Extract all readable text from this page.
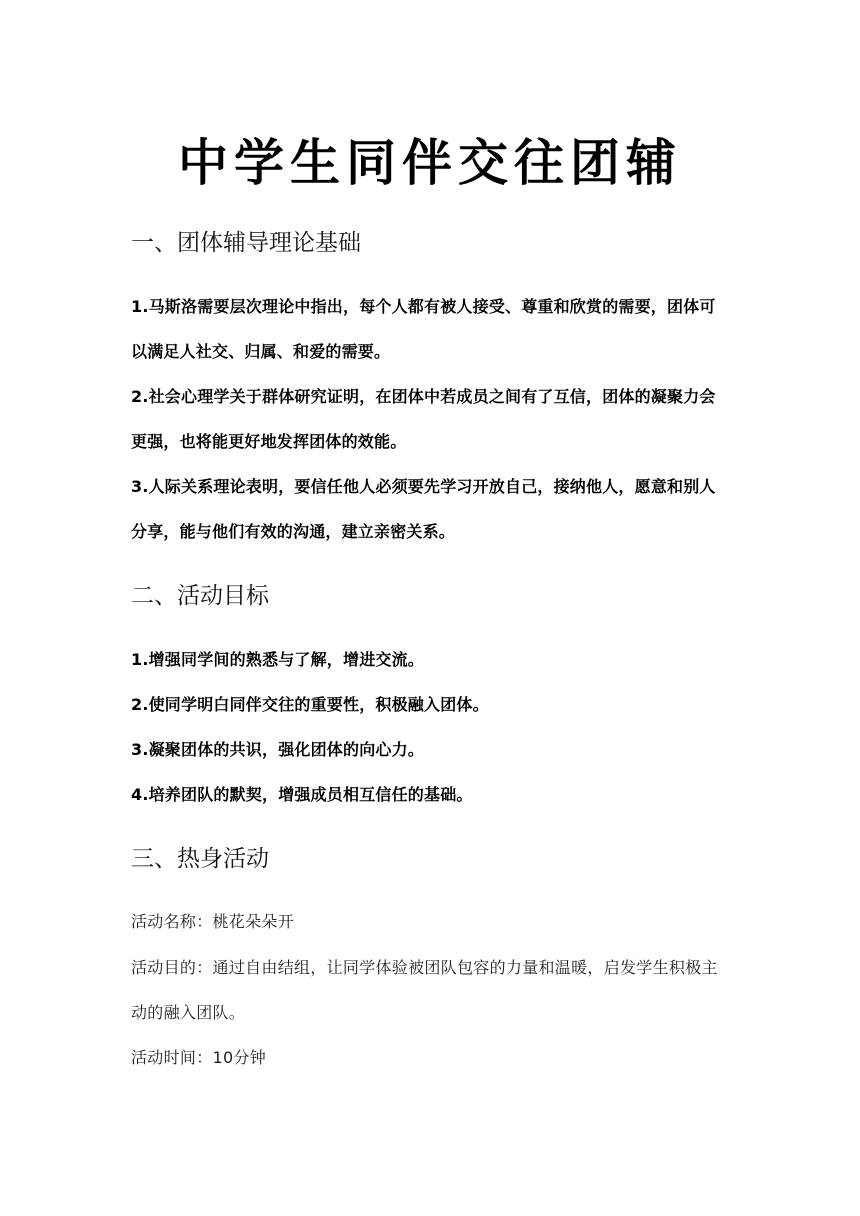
中学生同伴交往团辅
一、团体辅导理论基础

1.马斯洛需要层次理论中指出，每个人都有被人接受、尊重和欣赏的需要，团体可以满足人社交、归属、和爱的需要。

2.社会心理学关于群体研究证明，在团体中若成员之间有了互信，团体的凝聚力会更强，也将能更好地发挥团体的效能。

3.人际关系理论表明，要信任他人必须要先学习开放自己，接纳他人，愿意和别人分享，能与他们有效的沟通，建立亲密关系。

二、活动目标

1.增强同学间的熟悉与了解，增进交流。

2.使同学明白同伴交往的重要性，积极融入团体。

3.凝聚团体的共识，强化团体的向心力。

4.培养团队的默契，增强成员相互信任的基础。

三、热身活动

活动名称：桃花朵朵开

活动目的：通过自由结组，让同学体验被团队包容的力量和温暖，启发学生积极主动的融入团队。

活动时间：10分钟
